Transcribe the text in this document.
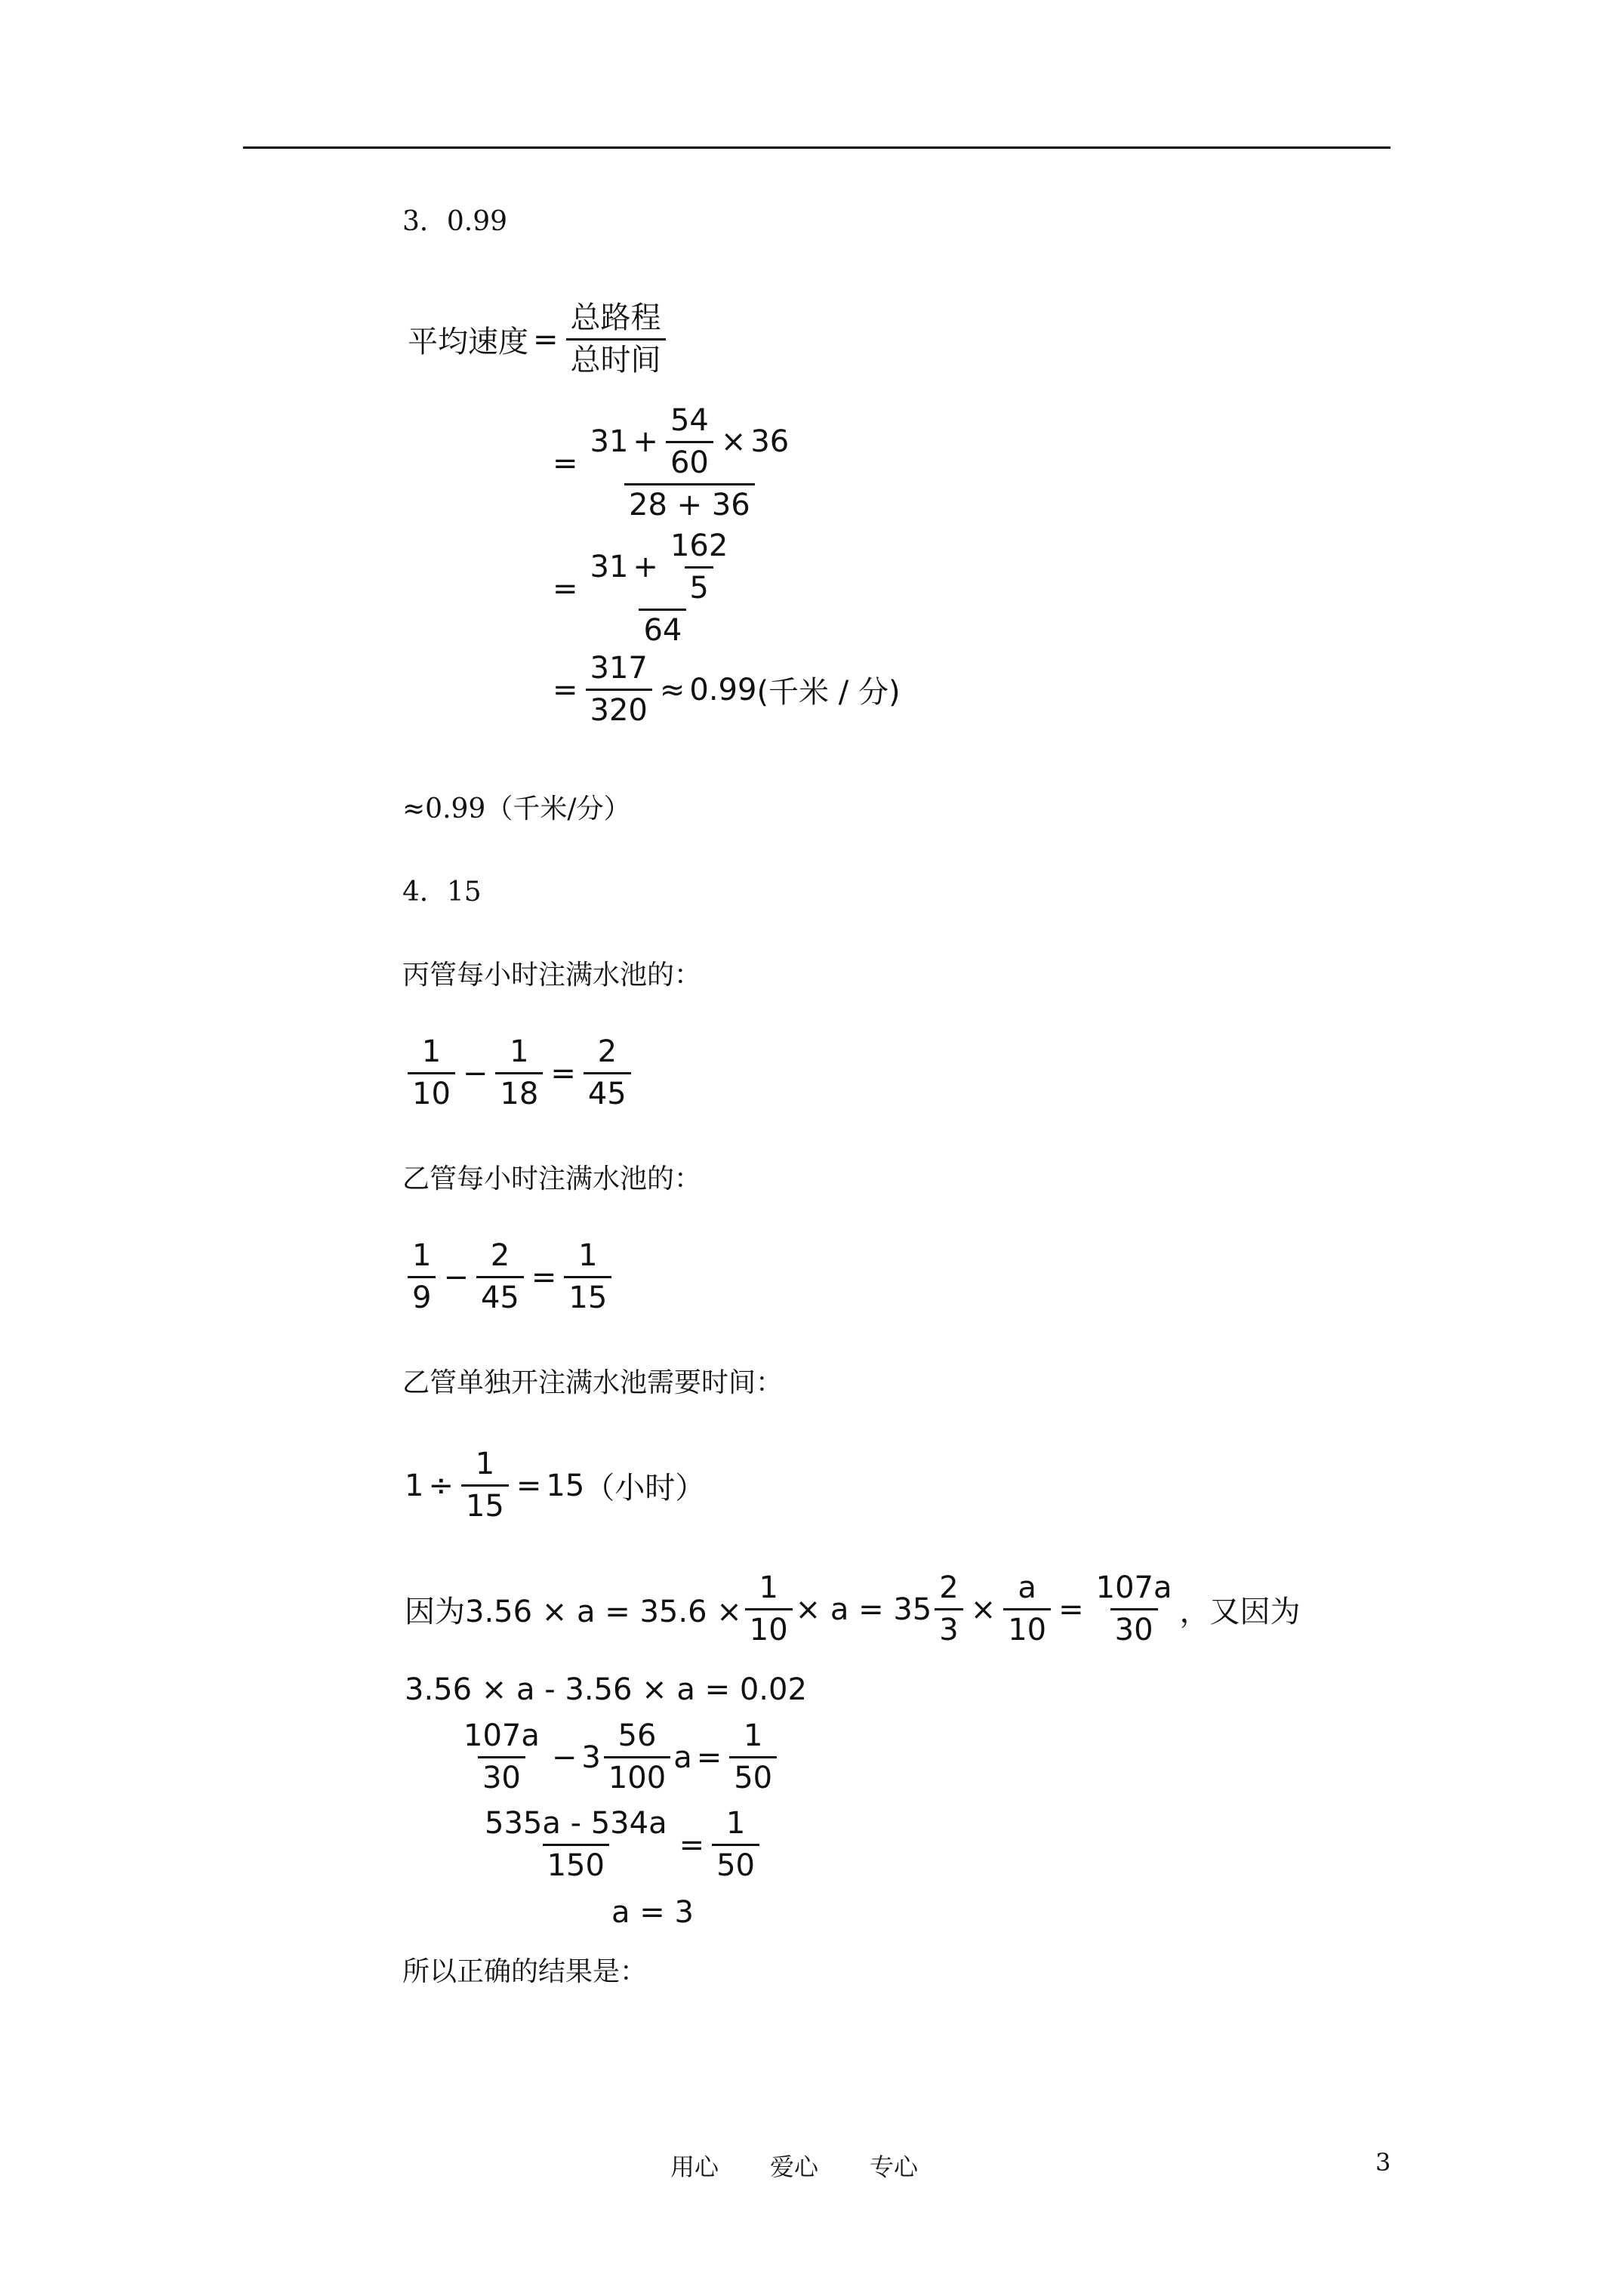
3．0.99
平均速度 = $\frac{\text{总路程}}{\text{总时间}}$
=
$31 + \frac{54}{60} \times 36$
28 + 36
= $\frac{31 + \frac{162}{5}}{64}$
= $\frac{317}{320} \approx 0.99$ (千米 / 分)
≈0.99（千米/分）
4．15
丙管每小时注满水池的：
$\frac{1}{10} - \frac{1}{18} = \frac{2}{45}$
乙管每小时注满水池的：
$\frac{1}{9} - \frac{2}{45} = \frac{1}{15}$
乙管单独开注满水池需要时间：
$1 \div \frac{1}{15} = 15$ （小时）
因为$3.56 \times a = 35.6 \times \frac{1}{10} \times a = 35 \frac{2}{3} \times \frac{a}{10} = \frac{107a}{30}$ ，又因为
3.56 × a - 3.56 × a = 0.02
$\frac{107a}{30} - 3 \frac{56}{100}$ $a = \frac{1}{50}$
$\frac{535a - 534a}{150} = \frac{1}{50}$
a = 3
所以正确的结果是：
用心 爱心 专心	3
